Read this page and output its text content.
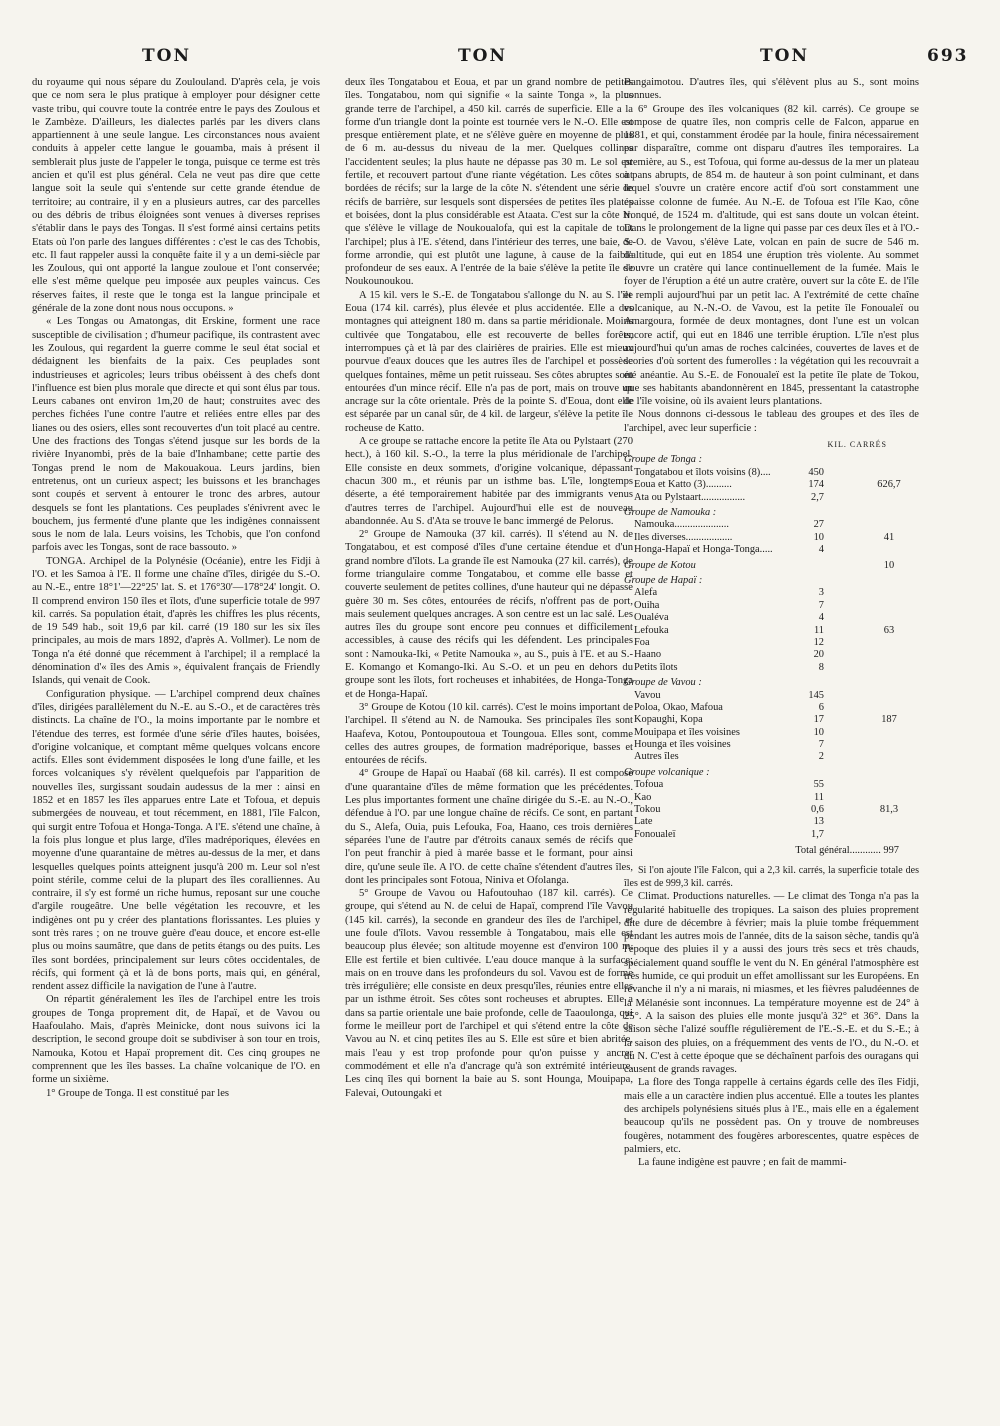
TON	TON	TON	693

du royaume qui nous sépare du Zoulouland. D'après cela, je vois que ce nom sera le plus pratique à employer pour désigner cette vaste tribu, qui couvre toute la contrée entre le pays des Zoulous et le Zambèze. D'ailleurs, les dialectes parlés par les divers clans appartiennent à une seule langue. Les circonstances nous avaient conduits à appeler cette langue le gouamba, mais à présent il semblerait plus juste de l'appeler le tonga, puisque ce terme est très ancien et qu'il est plus général. Cela ne veut pas dire que cette langue soit la seule qui s'entende sur cette grande étendue de territoire; au contraire, il y en a plusieurs autres, car des parcelles ou des débris de tribus éloignées sont venues à diverses reprises s'établir dans le pays des Tongas. Il s'est formé ainsi certains petits Etats où l'on parle des langues différentes : c'est le cas des Tchobis, etc. Il faut rappeler aussi la conquête faite il y a un demi-siècle par les Zoulous, qui ont apporté la langue zouloue et l'ont conservée; elle s'est même quelque peu imposée aux peuples vaincus. Ces réserves faites, il reste que le tonga est la langue principale et générale de la zone dont nous nous occupons. »

« Les Tongas ou Amatongas, dit Erskine, forment une race susceptible de civilisation ; d'humeur pacifique, ils contrastent avec les Zoulous, qui regardent la guerre comme le seul état social et dédaignent les bienfaits de la paix. Ces peuplades sont industrieuses et agricoles; leurs tribus obéissent à des chefs dont l'influence est bien plus morale que directe et qui sont élus par tous. Leurs cabanes ont environ 1m,20 de haut; construites avec des perches fichées l'une contre l'autre et reliées entre elles par des lianes ou des osiers, elles sont recouvertes d'un toit placé au centre. Une des fractions des Tongas s'étend jusque sur les bords de la rivière Inyanombi, près de la baie d'Inhambane; cette partie des Tongas prend le nom de Makouakoua. Leurs jardins, bien entretenus, ont un curieux aspect; les buissons et les branchages sont coupés et servent à entourer le tronc des arbres, autour desquels se font les plantations. Ces peuplades s'énivrent avec le bouchem, jus fermenté d'une plante que les indigènes connaissent sous le nom de lala. Leurs voisins, les Tchobis, que l'on confond parfois avec les Tongas, sont de race bassouto. »

TONGA. Archipel de la Polynésie (Océanie), entre les Fidji à l'O. et les Samoa à l'E. Il forme une chaîne d'îles, dirigée du S.-O. au N.-E., entre 18°1'—22°25' lat. S. et 176°30'—178°24' longit. O. Il comprend environ 150 îles et îlots, d'une superficie totale de 997 kil. carrés. Sa population était, d'après les chiffres les plus récents, de 19 549 hab., soit 19,6 par kil. carré (19 180 sur les six îles principales, au mois de mars 1892, d'après A. Vollmer). Le nom de Tonga n'a été donné que récemment à l'archipel; il a remplacé la dénomination d'« îles des Amis », équivalent français de Friendly Islands, qui venait de Cook.

Configuration physique. — L'archipel comprend deux chaînes d'îles, dirigées parallèlement du N.-E. au S.-O., et de caractères très distincts. La chaîne de l'O., la moins importante par le nombre et l'étendue des terres, est formée d'une série d'îles hautes, boisées, d'origine volcanique, et comptant même quelques volcans encore actifs. Elles sont évidemment disposées le long d'une faille, et les forces volcaniques s'y révèlent quelquefois par l'apparition de nouvelles îles, surgissant soudain audessus de la mer : ainsi en 1852 et en 1857 les îles apparues entre Late et Tofoua, et depuis submergées de nouveau, et tout récemment, en 1881, l'île Falcon, qui surgit entre Tofoua et Honga-Tonga. A l'E. s'étend une chaîne, à la fois plus longue et plus large, d'îles madréporiques, élevées en moyenne d'une quarantaine de mètres au-dessus de la mer, et dans lesquelles quelques points atteignent jusqu'à 200 m. Leur sol n'est point stérile, comme celui de la plupart des îles coralliennes. Au contraire, il s'y est formé un riche humus, reposant sur une couche d'argile rougeâtre. Une belle végétation les recouvre, et les indigènes ont pu y créer des plantations florissantes. Les pluies y sont très rares ; on ne trouve guère d'eau douce, et encore est-elle plus ou moins saumâtre, que dans de petits étangs ou des puits. Les îles sont bordées, principalement sur leurs côtes occidentales, de récifs, qui forment çà et là de bons ports, mais qui, en général, rendent assez difficile la navigation de l'une à l'autre.

On répartit généralement les îles de l'archipel entre les trois groupes de Tonga proprement dit, de Hapaï, et de Vavou ou Haafoulaho. Mais, d'après Meinicke, dont nous suivons ici la description, le second groupe doit se subdiviser à son tour en trois, Namouka, Kotou et Hapaï proprement dit. Ces cinq groupes ne comprennent que les îles basses. La chaîne volcanique de l'O. en forme un sixième.

1° Groupe de Tonga. Il est constitué par les

deux îles Tongatabou et Eoua, et par un grand nombre de petites îles. Tongatabou, nom qui signifie « la sainte Tonga », la plus grande terre de l'archipel, a 450 kil. carrés de superficie. Elle a la forme d'un triangle dont la pointe est tournée vers le N.-O. Elle est presque entièrement plate, et ne s'élève guère en moyenne de plus de 6 m. au-dessus du niveau de la mer. Quelques collines l'accidentent seules; la plus haute ne dépasse pas 30 m. Le sol est fertile, et recouvert partout d'une riante végétation. Les côtes sont bordées de récifs; sur la large de la côte N. s'étendent une série de récifs de barrière, sur lesquels sont dispersées de petites îles plates et boisées, dont la plus considérable est Ataata. C'est sur la côte N. que s'élève le village de Noukoualofa, qui est la capitale de tout l'archipel; plus à l'E. s'étend, dans l'intérieur des terres, une baie, de forme arrondie, qui est plutôt une lagune, à cause de la faible profondeur de ses eaux. A l'entrée de la baie s'élève la petite île de Noukounoukou.

A 15 kil. vers le S.-E. de Tongatabou s'allonge du N. au S. l'île Eoua (174 kil. carrés), plus élevée et plus accidentée. Elle a des montagnes qui atteignent 180 m. dans sa partie méridionale. Moins cultivée que Tongatabou, elle est recouverte de belles forêts, interrompues çà et là par des clairières de prairies. Elle est mieux pourvue d'eaux douces que les autres îles de l'archipel et possède quelques fontaines, même un petit ruisseau. Ses côtes abruptes sont entourées d'un mince récif. Elle n'a pas de port, mais on trouve un ancrage sur la côte orientale. Près de la pointe S. d'Eoua, dont elle est séparée par un canal sûr, de 4 kil. de largeur, s'élève la petite île rocheuse de Katto.

A ce groupe se rattache encore la petite île Ata ou Pylstaart (270 hect.), à 160 kil. S.-O., la terre la plus méridionale de l'archipel. Elle consiste en deux sommets, d'origine volcanique, dépassant chacun 300 m., et réunis par un isthme bas. L'île, longtemps déserte, a été temporairement habitée par des immigrants venus d'autres terres de l'archipel. Aujourd'hui elle est de nouveau abandonnée. Au S. d'Ata se trouve le banc immergé de Pelorus.

2° Groupe de Namouka (37 kil. carrés). Il s'étend au N. de Tongatabou, et est composé d'îles d'une certaine étendue et d'un grand nombre d'îlots. La grande île est Namouka (27 kil. carrés), de forme triangulaire comme Tongatabou, et comme elle basse et couverte seulement de petites collines, d'une hauteur qui ne dépasse guère 30 m. Ses côtes, entourées de récifs, n'offrent pas de port, mais seulement quelques ancrages. A son centre est un lac salé. Les autres îles du groupe sont encore peu connues et difficilement accessibles, à cause des récifs qui les défendent. Les principales sont : Namouka-Iki, « Petite Namouka », au S., puis à l'E. et au S.-E. Komango et Komango-Iki. Au S.-O. et un peu en dehors du groupe sont les îlots, fort rocheuses et inhabitées, de Honga-Tonga et de Honga-Hapaï.

3° Groupe de Kotou (10 kil. carrés). C'est le moins important de l'archipel. Il s'étend au N. de Namouka. Ses principales îles sont Haafeva, Kotou, Pontoupoutoua et Toungoua. Elles sont, comme celles des autres groupes, de formation madréporique, basses et entourées de récifs.

4° Groupe de Hapaï ou Haabaï (68 kil. carrés). Il est composé d'une quarantaine d'îles de même formation que les précédentes. Les plus importantes forment une chaîne dirigée du S.-E. au N.-O., défendue à l'O. par une longue chaîne de récifs. Ce sont, en partant du S., Alefa, Ouia, puis Lefouka, Foa, Haano, ces trois dernières séparées l'une de l'autre par d'étroits canaux semés de récifs que l'on peut franchir à pied à marée basse et le formant, pour ainsi dire, qu'une seule île. A l'O. de cette chaîne s'étendent d'autres îles, dont les principales sont Fotoua, Niniva et Ofolanga.

5° Groupe de Vavou ou Hafoutouhao (187 kil. carrés). Ce groupe, qui s'étend au N. de celui de Hapaï, comprend l'île Vavou (145 kil. carrés), la seconde en grandeur des îles de l'archipel, et une foule d'îlots. Vavou ressemble à Tongatabou, mais elle est beaucoup plus élevée; son altitude moyenne est d'environ 100 m. Elle est fertile et bien cultivée. L'eau douce manque à la surface; mais on en trouve dans les profondeurs du sol. Vavou est de forme très irrégulière; elle consiste en deux presqu'îles, réunies entre elles par un isthme étroit. Ses côtes sont rocheuses et abruptes. Elle a dans sa partie orientale une baie profonde, celle de Taaoulonga, qui forme le meilleur port de l'archipel et qui s'étend entre la côte de Vavou au N. et cinq petites îles au S. Elle est sûre et bien abritée, mais l'eau y est trop profonde pour qu'on puisse y ancrer commodément et elle n'a d'ancrage qu'à son extrémité intérieure. Les cinq îles qui bornent la baie au S. sont Hounga, Mouipapa, Falevai, Outoungaki et

Bangaimotou. D'autres îles, qui s'élèvent plus au S., sont moins connues.

6° Groupe des îles volcaniques (82 kil. carrés). Ce groupe se compose de quatre îles, non compris celle de Falcon, apparue en 1881, et qui, constamment érodée par la houle, finira nécessairement par disparaître, comme ont disparu d'autres îles temporaires. La première, au S., est Tofoua, qui forme au-dessus de la mer un plateau à pans abrupts, de 854 m. de hauteur à son point culminant, et dans lequel s'ouvre un cratère encore actif d'où sort constamment une épaisse colonne de fumée. Au N.-E. de Tofoua est l'île Kao, cône tronqué, de 1524 m. d'altitude, qui est sans doute un volcan éteint. Dans le prolongement de la ligne qui passe par ces deux îles et à l'O.-S.-O. de Vavou, s'élève Late, volcan en pain de sucre de 546 m. d'altitude, qui eut en 1854 une éruption très violente. Au sommet s'ouvre un cratère qui lance continuellement de la fumée. Mais le foyer de l'éruption a été un autre cratère, ouvert sur la côte E. de l'île et rempli aujourd'hui par un petit lac. A l'extrémité de cette chaîne volcanique, au N.-N.-O. de Vavou, est la petite île Fonoualeï ou Amargoura, formée de deux montagnes, dont l'une est un volcan encore actif, qui eut en 1846 une terrible éruption. L'île n'est plus aujourd'hui qu'un amas de roches calcinées, couvertes de laves et de scories d'où sortent des fumerolles : la végétation qui les recouvrait a été anéantie. Au S.-E. de Fonoualeï est la petite île plate de Tokou, que ses habitants abandonnèrent en 1845, pressentant la catastrophe de l'île voisine, où ils avaient leurs plantations.

Nous donnons ci-dessous le tableau des groupes et des îles de l'archipel, avec leur superficie :

KIL. CARRÉS
Groupe de Tonga :
Tongatabou et îlots voisins (8)....	450
Eoua et Katto (3)..........	174	626,7
Ata ou Pylstaart.................	2,7
Groupe de Namouka :
Namouka.....................	27
Iles diverses..................	10	41
Honga-Hapaï et Honga-Tonga.....	4
Groupe de Kotou	10
Groupe de Hapaï :
Alefa	3
Ouiha	7
Oualéva	4
Lefouka	11	63
Foa	12
Haano	20
Petits îlots	8
Groupe de Vavou :
Vavou	145
Poloa, Okao, Mafoua	6
Kopaughi, Kopa	17	187
Mouipapa et îles voisines	10
Hounga et îles voisines	7
Autres îles	2
Groupe volcanique :
Tofoua	55
Kao	11
Tokou	0,6	81,3
Late	13
Fonoualeï	1,7
Total général............ 997

Si l'on ajoute l'île Falcon, qui a 2,3 kil. carrés, la superficie totale des îles est de 999,3 kil. carrés.

Climat. Productions naturelles. — Le climat des Tonga n'a pas la régularité habituelle des tropiques. La saison des pluies proprement dite dure de décembre à février; mais la pluie tombe fréquemment pendant les autres mois de l'année, dits de la saison sèche, tandis qu'à l'époque des pluies il y a aussi des jours très secs et très chauds, spécialement quand souffle le vent du N. En général l'atmosphère est très humide, ce qui produit un effet amollissant sur les Européens. En revanche il n'y a ni marais, ni miasmes, et les fièvres paludéennes de la Mélanésie sont inconnues. La température moyenne est de 24° à 25°. A la saison des pluies elle monte jusqu'à 32° et 36°. Dans la saison sèche l'alizé souffle régulièrement de l'E.-S.-E. et du S.-E.; à la saison des pluies, on a fréquemment des vents de l'O., du N.-O. et du N. C'est à cette époque que se déchaînent parfois des ouragans qui causent de grands ravages.

La flore des Tonga rappelle à certains égards celle des îles Fidji, mais elle a un caractère indien plus accentué. Elle a toutes les plantes des archipels polynésiens situés plus à l'E., mais elle en a également beaucoup qu'ils ne possèdent pas. On y trouve de nombreuses fougères, notamment des fougères arborescentes, quatre espèces de palmiers, etc.

La faune indigène est pauvre ; en fait de mammi-
